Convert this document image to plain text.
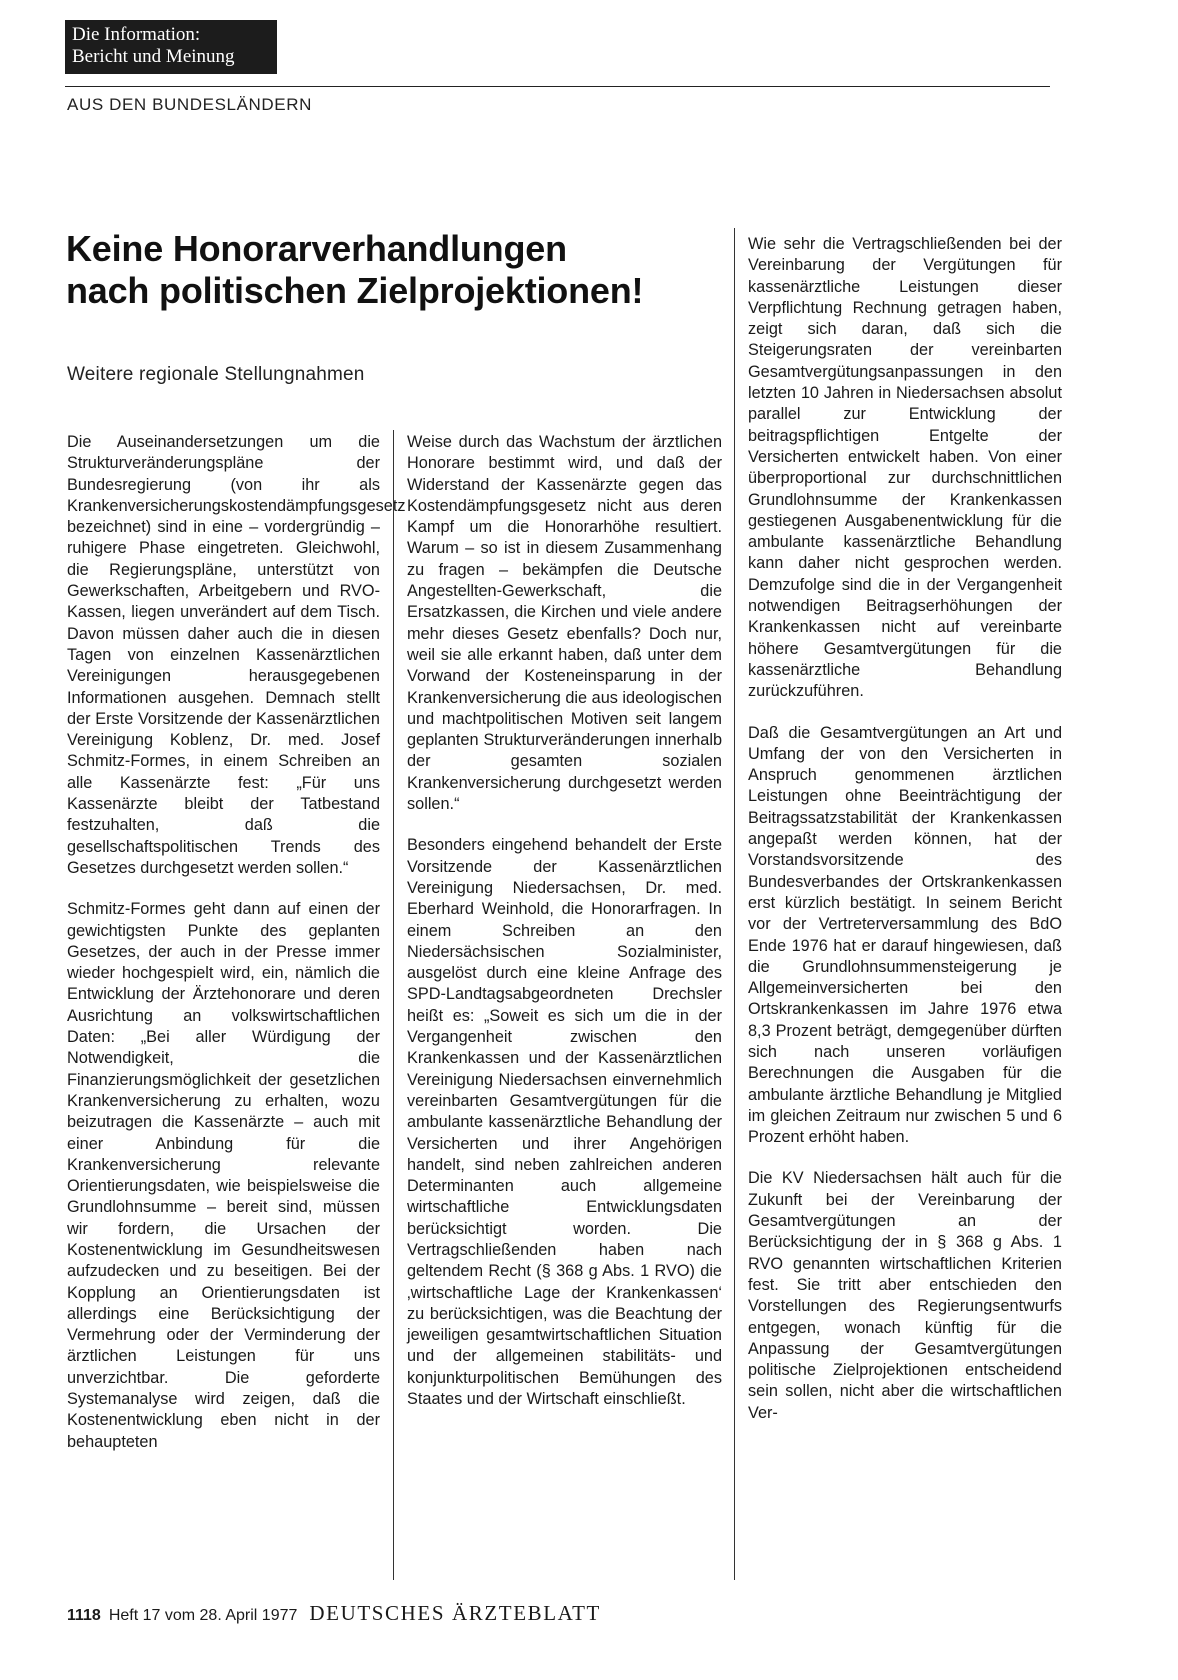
Die Information:
Bericht und Meinung
AUS DEN BUNDESLÄNDERN
Keine Honorarverhandlungen
nach politischen Zielprojektionen!
Weitere regionale Stellungnahmen

Die Auseinandersetzungen um die Strukturveränderungspläne der Bundesregierung (von ihr als Krankenversicherungskostendämpfungsgesetz bezeichnet) sind in eine – vordergründig – ruhigere Phase eingetreten. Gleichwohl, die Regierungspläne, unterstützt von Gewerkschaften, Arbeitgebern und RVO-Kassen, liegen unverändert auf dem Tisch. Davon müssen daher auch die in diesen Tagen von einzelnen Kassenärztlichen Vereinigungen herausgegebenen Informationen ausgehen. Demnach stellt der Erste Vorsitzende der Kassenärztlichen Vereinigung Koblenz, Dr. med. Josef Schmitz-Formes, in einem Schreiben an alle Kassenärzte fest: „Für uns Kassenärzte bleibt der Tatbestand festzuhalten, daß die gesellschaftspolitischen Trends des Gesetzes durchgesetzt werden sollen.“

Schmitz-Formes geht dann auf einen der gewichtigsten Punkte des geplanten Gesetzes, der auch in der Presse immer wieder hochgespielt wird, ein, nämlich die Entwicklung der Ärztehonorare und deren Ausrichtung an volkswirtschaftlichen Daten: „Bei aller Würdigung der Notwendigkeit, die Finanzierungsmöglichkeit der gesetzlichen Krankenversicherung zu erhalten, wozu beizutragen die Kassenärzte – auch mit einer Anbindung für die Krankenversicherung relevante Orientierungsdaten, wie beispielsweise die Grundlohnsumme – bereit sind, müssen wir fordern, die Ursachen der Kostenentwicklung im Gesundheitswesen aufzudecken und zu beseitigen. Bei der Kopplung an Orientierungsdaten ist allerdings eine Berücksichtigung der Vermehrung oder der Verminderung der ärztlichen Leistungen für uns unverzichtbar. Die geforderte Systemanalyse wird zeigen, daß die Kostenentwicklung eben nicht in der behaupteten

Weise durch das Wachstum der ärztlichen Honorare bestimmt wird, und daß der Widerstand der Kassenärzte gegen das Kostendämpfungsgesetz nicht aus deren Kampf um die Honorarhöhe resultiert. Warum – so ist in diesem Zusammenhang zu fragen – bekämpfen die Deutsche Angestellten-Gewerkschaft, die Ersatzkassen, die Kirchen und viele andere mehr dieses Gesetz ebenfalls? Doch nur, weil sie alle erkannt haben, daß unter dem Vorwand der Kosteneinsparung in der Krankenversicherung die aus ideologischen und machtpolitischen Motiven seit langem geplanten Strukturveränderungen innerhalb der gesamten sozialen Krankenversicherung durchgesetzt werden sollen.“

Besonders eingehend behandelt der Erste Vorsitzende der Kassenärztlichen Vereinigung Niedersachsen, Dr. med. Eberhard Weinhold, die Honorarfragen. In einem Schreiben an den Niedersächsischen Sozialminister, ausgelöst durch eine kleine Anfrage des SPD-Landtagsabgeordneten Drechsler heißt es: „Soweit es sich um die in der Vergangenheit zwischen den Krankenkassen und der Kassenärztlichen Vereinigung Niedersachsen einvernehmlich vereinbarten Gesamtvergütungen für die ambulante kassenärztliche Behandlung der Versicherten und ihrer Angehörigen handelt, sind neben zahlreichen anderen Determinanten auch allgemeine wirtschaftliche Entwicklungsdaten berücksichtigt worden. Die Vertragschließenden haben nach geltendem Recht (§ 368 g Abs. 1 RVO) die ‚wirtschaftliche Lage der Krankenkassen‘ zu berücksichtigen, was die Beachtung der jeweiligen gesamtwirtschaftlichen Situation und der allgemeinen stabilitäts- und konjunkturpolitischen Bemühungen des Staates und der Wirtschaft einschließt.

Wie sehr die Vertragschließenden bei der Vereinbarung der Vergütungen für kassenärztliche Leistungen dieser Verpflichtung Rechnung getragen haben, zeigt sich daran, daß sich die Steigerungsraten der vereinbarten Gesamtvergütungsanpassungen in den letzten 10 Jahren in Niedersachsen absolut parallel zur Entwicklung der beitragspflichtigen Entgelte der Versicherten entwickelt haben. Von einer überproportional zur durchschnittlichen Grundlohnsumme der Krankenkassen gestiegenen Ausgabenentwicklung für die ambulante kassenärztliche Behandlung kann daher nicht gesprochen werden. Demzufolge sind die in der Vergangenheit notwendigen Beitragserhöhungen der Krankenkassen nicht auf vereinbarte höhere Gesamtvergütungen für die kassenärztliche Behandlung zurückzuführen.

Daß die Gesamtvergütungen an Art und Umfang der von den Versicherten in Anspruch genommenen ärztlichen Leistungen ohne Beeinträchtigung der Beitragssatzstabilität der Krankenkassen angepaßt werden können, hat der Vorstandsvorsitzende des Bundesverbandes der Ortskrankenkassen erst kürzlich bestätigt. In seinem Bericht vor der Vertreterversammlung des BdO Ende 1976 hat er darauf hingewiesen, daß die Grundlohnsummensteigerung je Allgemeinversicherten bei den Ortskrankenkassen im Jahre 1976 etwa 8,3 Prozent beträgt, demgegenüber dürften sich nach unseren vorläufigen Berechnungen die Ausgaben für die ambulante ärztliche Behandlung je Mitglied im gleichen Zeitraum nur zwischen 5 und 6 Prozent erhöht haben.

Die KV Niedersachsen hält auch für die Zukunft bei der Vereinbarung der Gesamtvergütungen an der Berücksichtigung der in § 368 g Abs. 1 RVO genannten wirtschaftlichen Kriterien fest. Sie tritt aber entschieden den Vorstellungen des Regierungsentwurfs entgegen, wonach künftig für die Anpassung der Gesamtvergütungen politische Zielprojektionen entscheidend sein sollen, nicht aber die wirtschaftlichen Ver-

1118 Heft 17 vom 28. April 1977 DEUTSCHES ÄRZTEBLATT
